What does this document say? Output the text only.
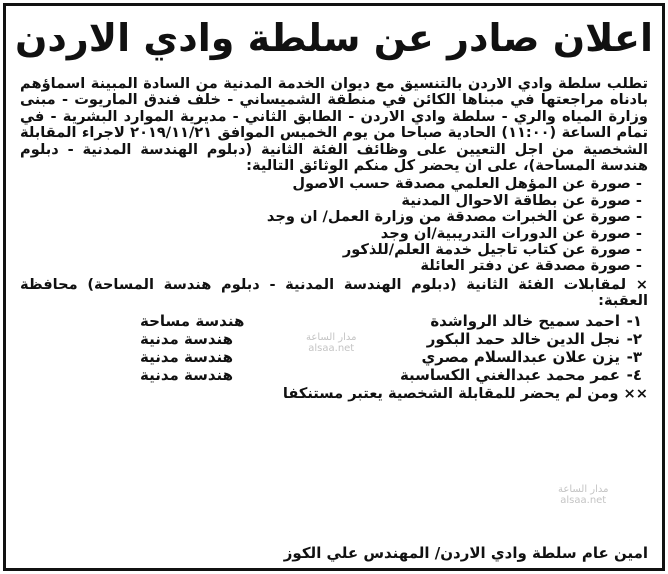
اعلان صادر عن سلطة وادي الاردن

تطلب سلطة وادي الاردن بالتنسيق مع ديوان الخدمة المدنية من السادة المبينة اسماؤهم بادناه مراجعتها في مبناها الكائن في منطقة الشميساني - خلف فندق الماريوت - مبنى وزارة المياه والري - سلطة وادي الاردن - الطابق الثاني - مديرية الموارد البشرية - في تمام الساعة (١١:٠٠) الحادية صباحا من يوم الخميس الموافق ٢٠١٩/١١/٢١ لاجراء المقابلة الشخصية من اجل التعيين على وظائف الفئة الثانية (دبلوم الهندسة المدنية - دبلوم هندسة المساحة)، على ان يحضر كل منكم الوثائق التالية:

- صورة عن المؤهل العلمي مصدقة حسب الاصول
- صورة عن بطاقة الاحوال المدنية
- صورة عن الخبرات مصدقة من وزارة العمل/ ان وجد
- صورة عن الدورات التدريبية/ان وجد
- صورة عن كتاب تاجيل خدمة العلم/للذكور
- صورة مصدقة عن دفتر العائلة
× لمقابلات الفئة الثانية (دبلوم الهندسة المدنية - دبلوم هندسة المساحة) محافظة العقبة:
١-
احمد سميح خالد الرواشدة
هندسة مساحة
٢-
نجل الدين خالد حمد البكور
هندسة مدنية
٣-
يزن علان عبدالسلام مصري
هندسة مدنية
٤-
عمر محمد عبدالغني الكساسبة
هندسة مدنية
×× ومن لم يحضر للمقابلة الشخصية يعتبر مستنكفا
امين عام سلطة وادي الاردن/ المهندس علي الكوز
مدار الساعة
alsaa.net
مدار الساعة
alsaa.net
